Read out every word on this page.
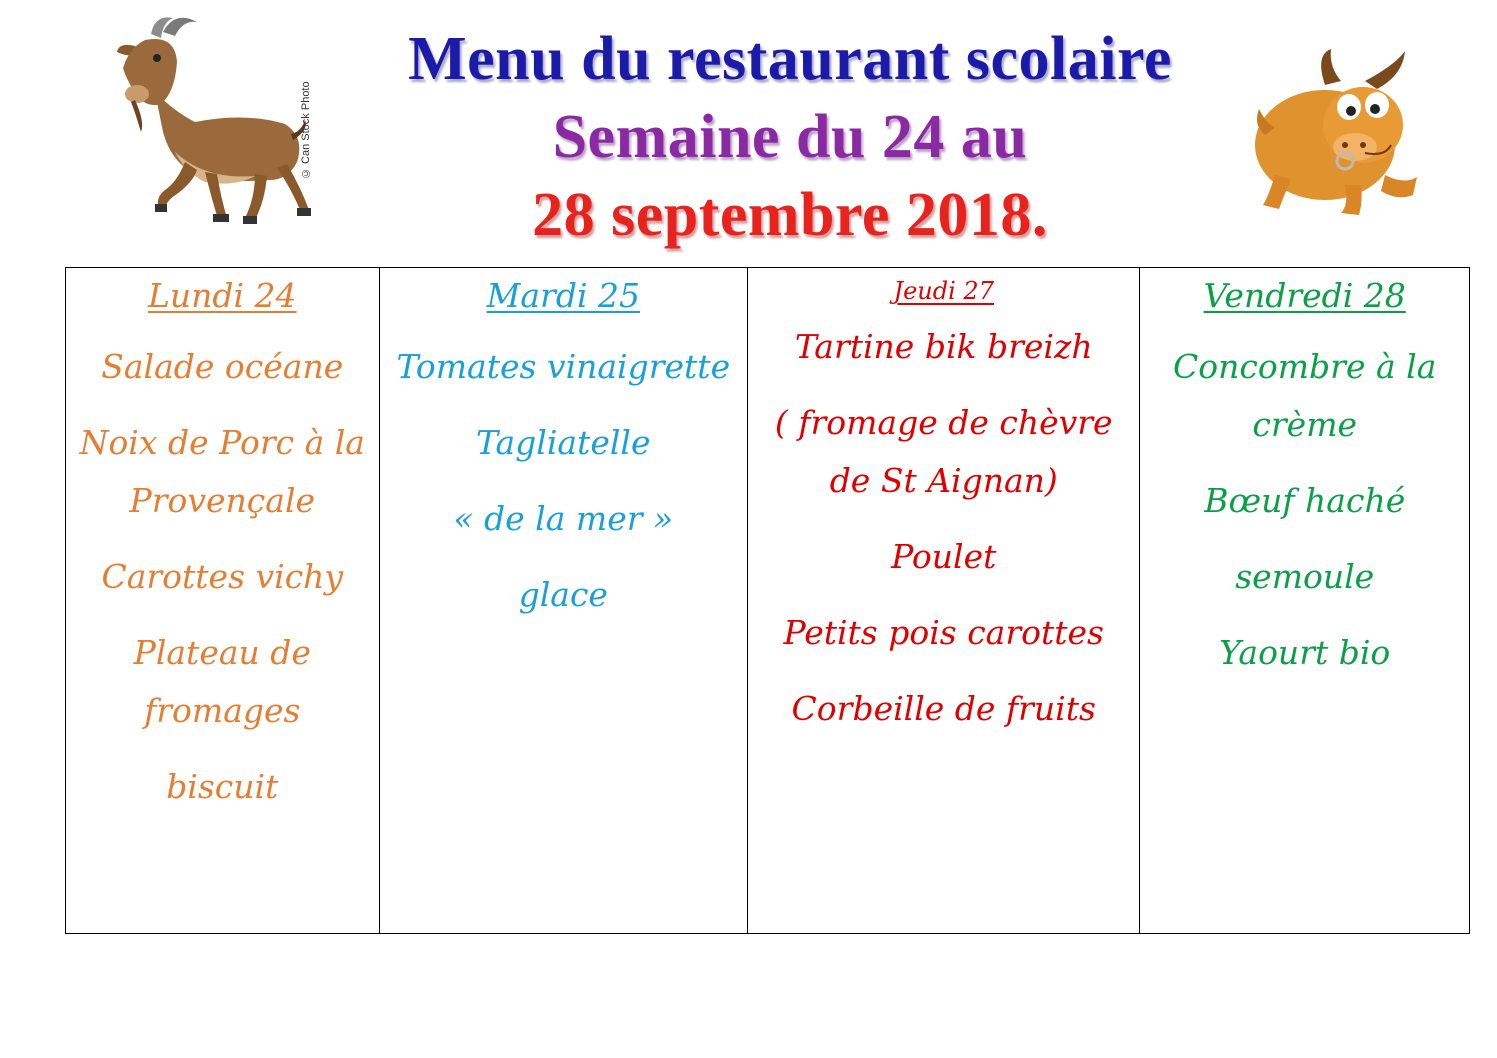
© Can Stock Photo
Menu du restaurant scolaire
Semaine du 24 au
28 septembre 2018.
Lundi 24
Salade océane
Noix de Porc à la Provençale
Carottes vichy
Plateau de fromages
biscuit
Mardi 25
Tomates vinaigrette
Tagliatelle
« de la mer »
glace
Jeudi 27
Tartine bik breizh
( fromage de chèvre de St Aignan)
Poulet
Petits pois carottes
Corbeille de fruits
Vendredi 28
Concombre à la crème
Bœuf haché
semoule
Yaourt bio
